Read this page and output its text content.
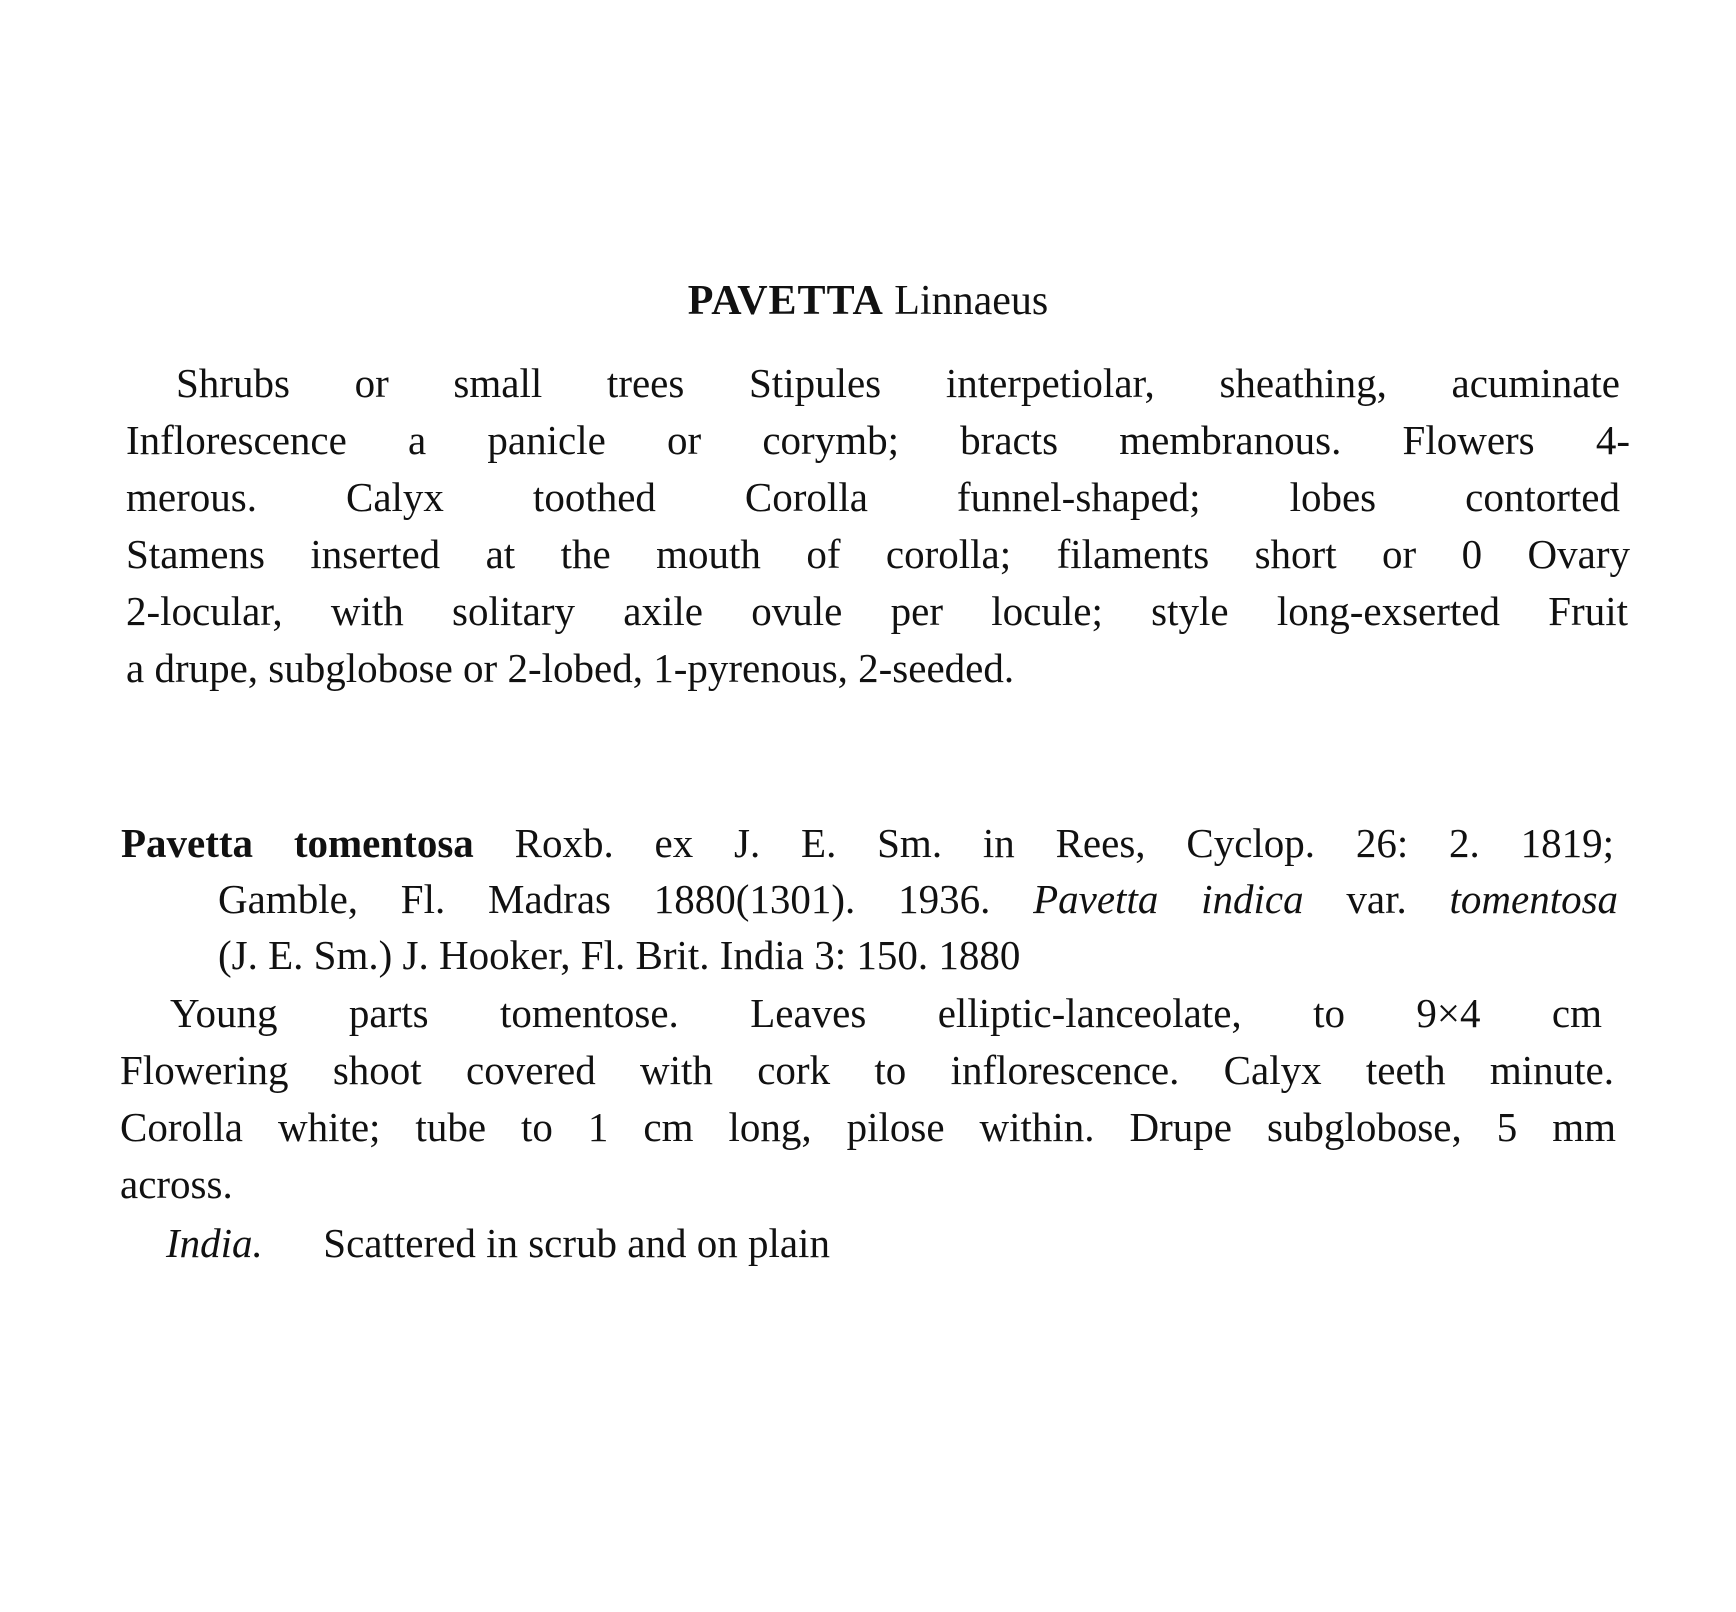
PAVETTA Linnaeus
Shrubs or small trees Stipules interpetiolar, sheathing, acuminate
Inflorescence a panicle or corymb; bracts membranous. Flowers 4-
merous. Calyx toothed Corolla funnel-shaped; lobes contorted
Stamens inserted at the mouth of corolla; filaments short or 0 Ovary
2-locular, with solitary axile ovule per locule; style long-exserted Fruit
a drupe, subglobose or 2-lobed, 1-pyrenous, 2-seeded.
Pavetta tomentosa Roxb. ex J. E. Sm. in Rees, Cyclop. 26: 2. 1819;
Gamble, Fl. Madras 1880(1301). 1936. Pavetta indica var. tomentosa
(J. E. Sm.) J. Hooker, Fl. Brit. India 3: 150. 1880
Young parts tomentose. Leaves elliptic-lanceolate, to 9×4 cm
Flowering shoot covered with cork to inflorescence. Calyx teeth minute.
Corolla white; tube to 1 cm long, pilose within. Drupe subglobose, 5 mm
across.
India. Scattered in scrub and on plain
